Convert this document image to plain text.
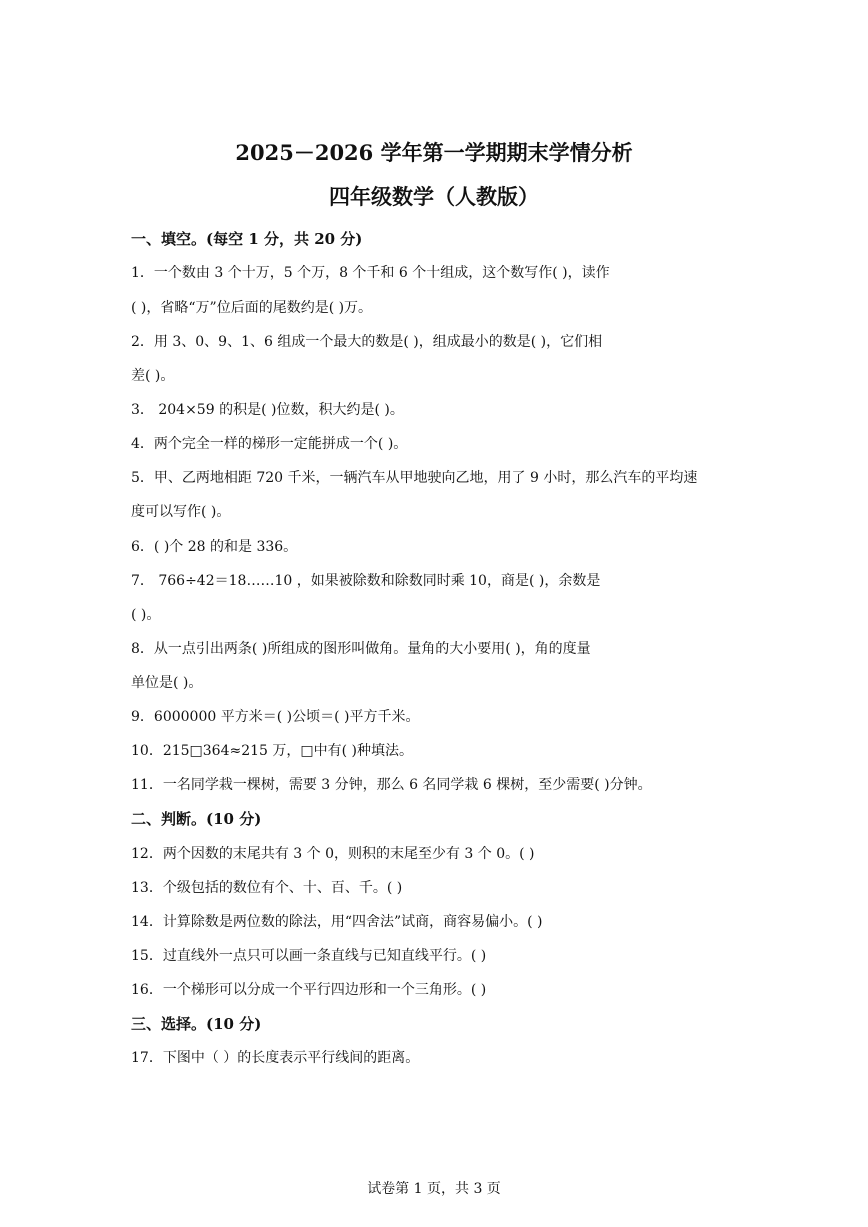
2025－2026 学年第一学期期末学情分析
四年级数学（人教版）
一、填空。(每空 1 分，共 20 分)
1．一个数由 3 个十万，5 个万，8 个千和 6 个十组成，这个数写作( )，读作
( )，省略“万”位后面的尾数约是( )万。
2．用 3、0、9、1、6 组成一个最大的数是( )，组成最小的数是( )，它们相
差( )。
3． 204×59 的积是( )位数，积大约是( )。
4．两个完全一样的梯形一定能拼成一个( )。
5．甲、乙两地相距 720 千米，一辆汽车从甲地驶向乙地，用了 9 小时，那么汽车的平均速
度可以写作( )。
6．( )个 28 的和是 336。
7． 766÷42＝18……10 ，如果被除数和除数同时乘 10，商是( )，余数是
( )。
8．从一点引出两条( )所组成的图形叫做角。量角的大小要用( )，角的度量
单位是( )。
9．6000000 平方米＝( )公顷＝( )平方千米。
10．215□364≈215 万，□中有( )种填法。
11．一名同学栽一棵树，需要 3 分钟，那么 6 名同学栽 6 棵树，至少需要( )分钟。
二、判断。(10 分)
12．两个因数的末尾共有 3 个 0，则积的末尾至少有 3 个 0。( )
13．个级包括的数位有个、十、百、千。( )
14．计算除数是两位数的除法，用“四舍法”试商，商容易偏小。( )
15．过直线外一点只可以画一条直线与已知直线平行。( )
16．一个梯形可以分成一个平行四边形和一个三角形。( )
三、选择。(10 分)
17．下图中（ ）的长度表示平行线间的距离。
试卷第 1 页，共 3 页
